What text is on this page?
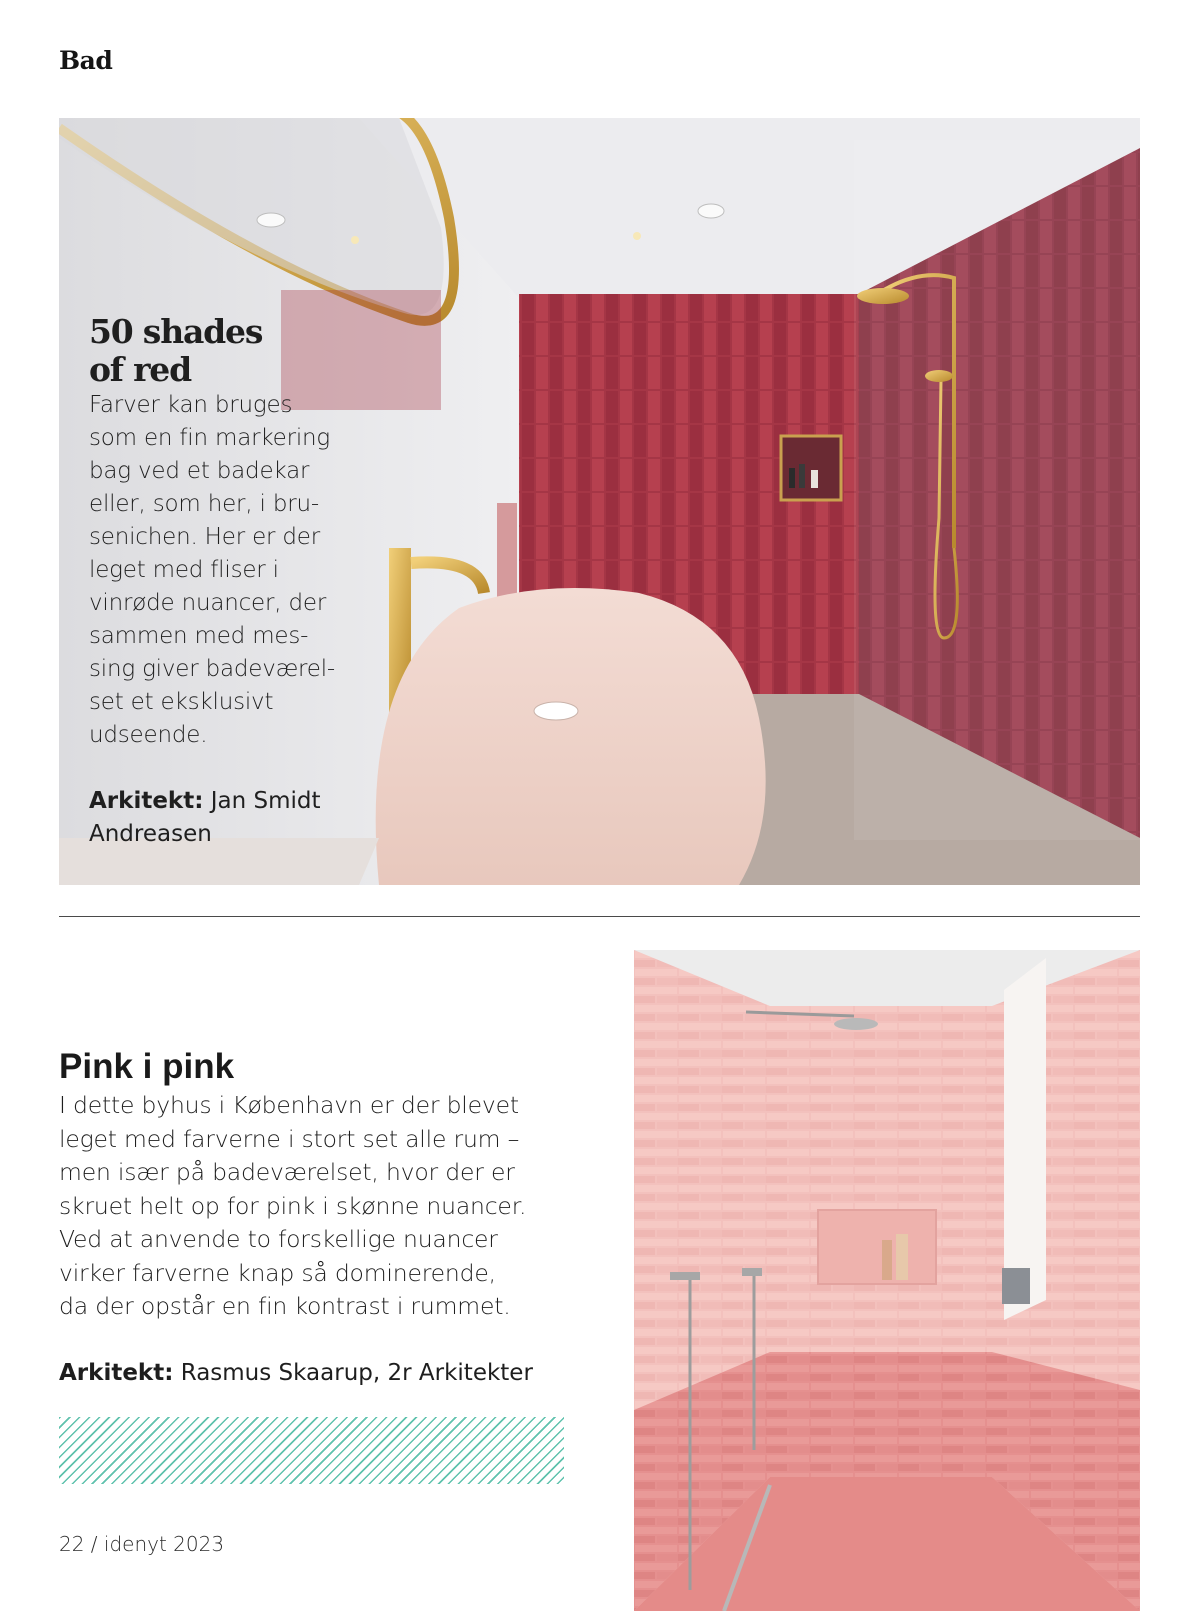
Bad
50 shades
of red

Farver kan bruges
som en fin markering
bag ved et badekar
eller, som her, i bru-
senichen. Her er der
leget med fliser i
vinrøde nuancer, der
sammen med mes-
sing giver badeværel-
set et eksklusivt
udseende.

Arkitekt: Jan Smidt
Andreasen
Pink i pink

I dette byhus i København er der blevet
leget med farverne i stort set alle rum –
men især på badeværelset, hvor der er
skruet helt op for pink i skønne nuancer.
Ved at anvende to forskellige nuancer
virker farverne knap så dominerende,
da der opstår en fin kontrast i rummet.

Arkitekt: Rasmus Skaarup, 2r Arkitekter
22 / idenyt 2023
